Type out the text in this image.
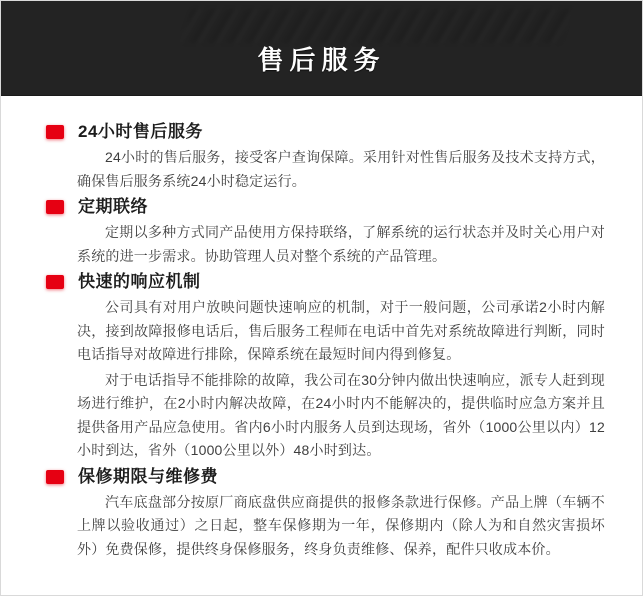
售后服务
24小时售后服务

24小时的售后服务，接受客户查询保障。采用针对性售后服务及技术支持方式，确保售后服务系统24小时稳定运行。

定期联络

定期以多种方式同产品使用方保持联络，了解系统的运行状态并及时关心用户对系统的进一步需求。协助管理人员对整个系统的产品管理。

快速的响应机制

公司具有对用户放映问题快速响应的机制，对于一般问题，公司承诺2小时内解决，接到故障报修电话后，售后服务工程师在电话中首先对系统故障进行判断，同时电话指导对故障进行排除，保障系统在最短时间内得到修复。

对于电话指导不能排除的故障，我公司在30分钟内做出快速响应，派专人赶到现场进行维护，在2小时内解决故障，在24小时内不能解决的，提供临时应急方案并且提供备用产品应急使用。省内6小时内服务人员到达现场，省外（1000公里以内）12小时到达，省外（1000公里以外）48小时到达。

保修期限与维修费

汽车底盘部分按原厂商底盘供应商提供的报修条款进行保修。产品上牌（车辆不上牌以验收通过）之日起，整车保修期为一年，保修期内（除人为和自然灾害损坏外）免费保修，提供终身保修服务，终身负责维修、保养，配件只收成本价。
